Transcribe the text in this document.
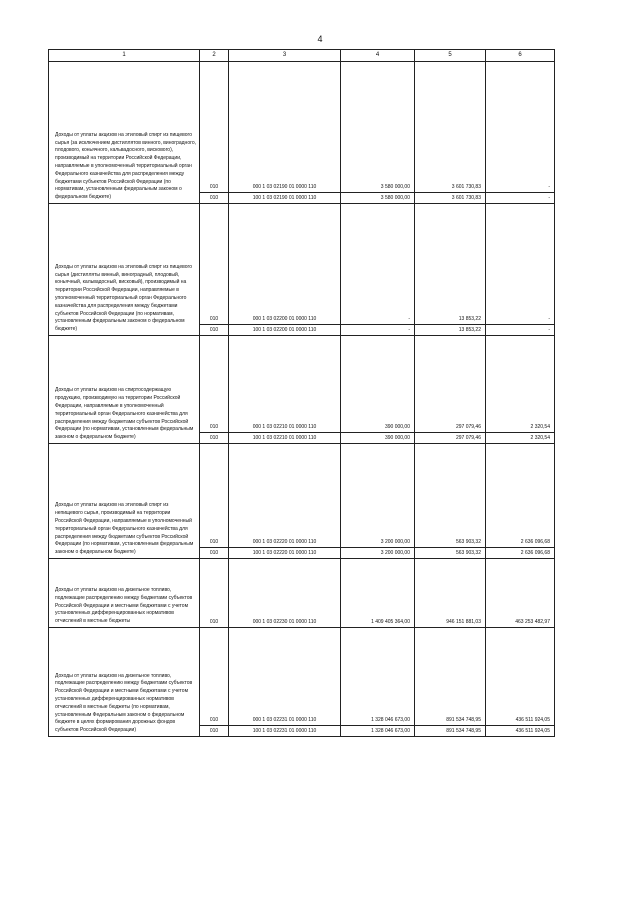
4
1	2	3	4	5	6
Доходы от уплаты акцизов на этиловый спирт из пищевого сырья (за исключением дистиллятов винного, виноградного, плодового, коньячного, кальвадосного, вискового), производимый на территории Российской Федерации, направляемые в уполномоченный территориальный орган Федерального казначейства для распределения между бюджетами субъектов Российской Федерации (по нормативам, установленным федеральным законом о федеральном бюджете)	010	000 1 03 02190 01 0000 110	3 580 000,00	3 601 730,83	-
	010	100 1 03 02190 01 0000 110	3 580 000,00	3 601 730,83	-
Доходы от уплаты акцизов на этиловый спирт из пищевого сырья (дистилляты винный, виноградный, плодовый, коньячный, кальвадосный, висковый), производимый на территории Российской Федерации, направляемые в уполномоченный территориальный орган Федерального казначейства для распределения между бюджетами субъектов Российской Федерации (по нормативам, установленным федеральным законом о федеральном бюджете)	010	000 1 03 02200 01 0000 110	-	13 853,22	-
	010	100 1 03 02200 01 0000 110	-	13 853,22	-
Доходы от уплаты акцизов на спиртосодержащую продукцию, производимую на территории Российской Федерации, направляемые в уполномоченный территориальный орган Федерального казначейства для распределения между бюджетами субъектов Российской Федерации (по нормативам, установленным федеральным законом о федеральном бюджете)	010	000 1 03 02210 01 0000 110	390 000,00	297 079,46	2 320,54
	010	100 1 03 02210 01 0000 110	390 000,00	297 079,46	2 320,54
Доходы от уплаты акцизов на этиловый спирт из непищевого сырья, производимый на территории Российской Федерации, направляемые в уполномоченный территориальный орган Федерального казначейства для распределения между бюджетами субъектов Российской Федерации (по нормативам, установленным федеральным законом о федеральном бюджете)	010	000 1 03 02220 01 0000 110	3 200 000,00	563 903,32	2 636 096,68
	010	100 1 03 02220 01 0000 110	3 200 000,00	563 903,32	2 636 096,68
Доходы от уплаты акцизов на дизельное топливо, подлежащие распределению между бюджетами субъектов Российской Федерации и местными бюджетами с учетом установленных дифференцированных нормативов отчислений в местные бюджеты	010	000 1 03 02230 01 0000 110	1 409 405 364,00	946 151 881,03	463 253 482,97
Доходы от уплаты акцизов на дизельное топливо, подлежащие распределению между бюджетами субъектов Российской Федерации и местными бюджетами с учетом установленных дифференцированных нормативов отчислений в местные бюджеты (по нормативам, установленным Федеральным законом о федеральном бюджете в целях формирования дорожных фондов субъектов Российской Федерации)	010	000 1 03 02231 01 0000 110	1 328 046 673,00	891 534 748,95	436 511 924,05
	010	100 1 03 02231 01 0000 110	1 328 046 673,00	891 534 748,95	436 511 924,05
